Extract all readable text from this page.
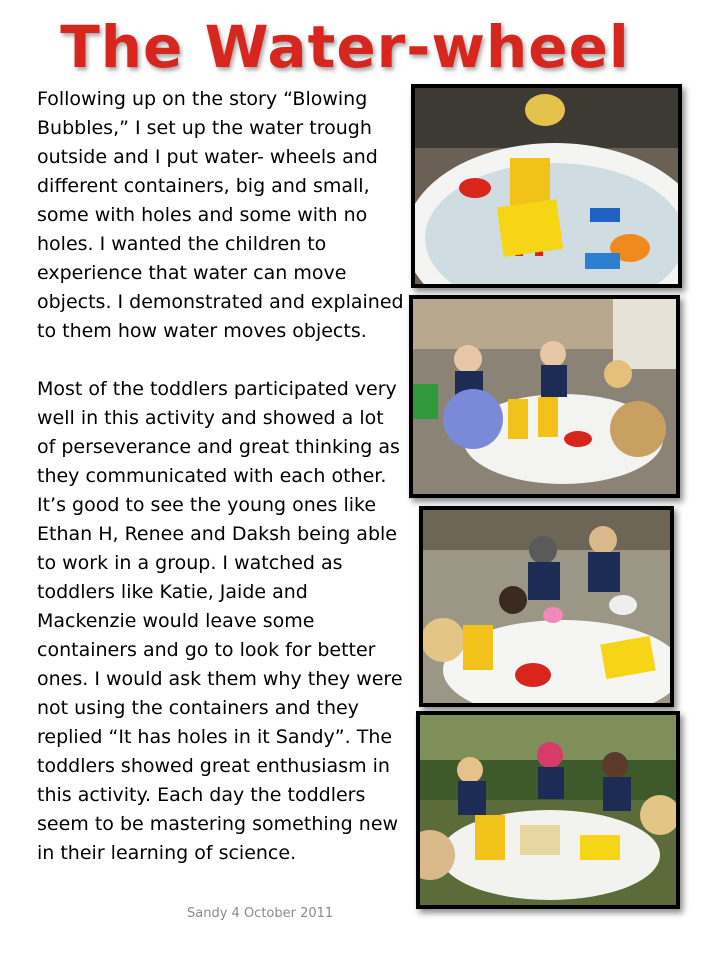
The Water-wheel

Following up on the story “Blowing Bubbles,” I set up the water trough outside and I put water- wheels and different containers, big and small, some with holes and some with no holes. I wanted the children to experience that water can move objects. I demonstrated and explained to them how water moves objects.

Most of the toddlers participated very well in this activity and showed a lot of perseverance and great thinking as they communicated with each other. It’s good to see the young ones like Ethan H, Renee and Daksh being able to work in a group. I watched as toddlers like Katie, Jaide and Mackenzie would leave some containers and go to look for better ones. I would ask them why they were not using the containers and they replied “It has holes in it Sandy”. The toddlers showed great enthusiasm in this activity. Each day the toddlers seem to be mastering something new in their learning of science.

Sandy 4 October 2011
